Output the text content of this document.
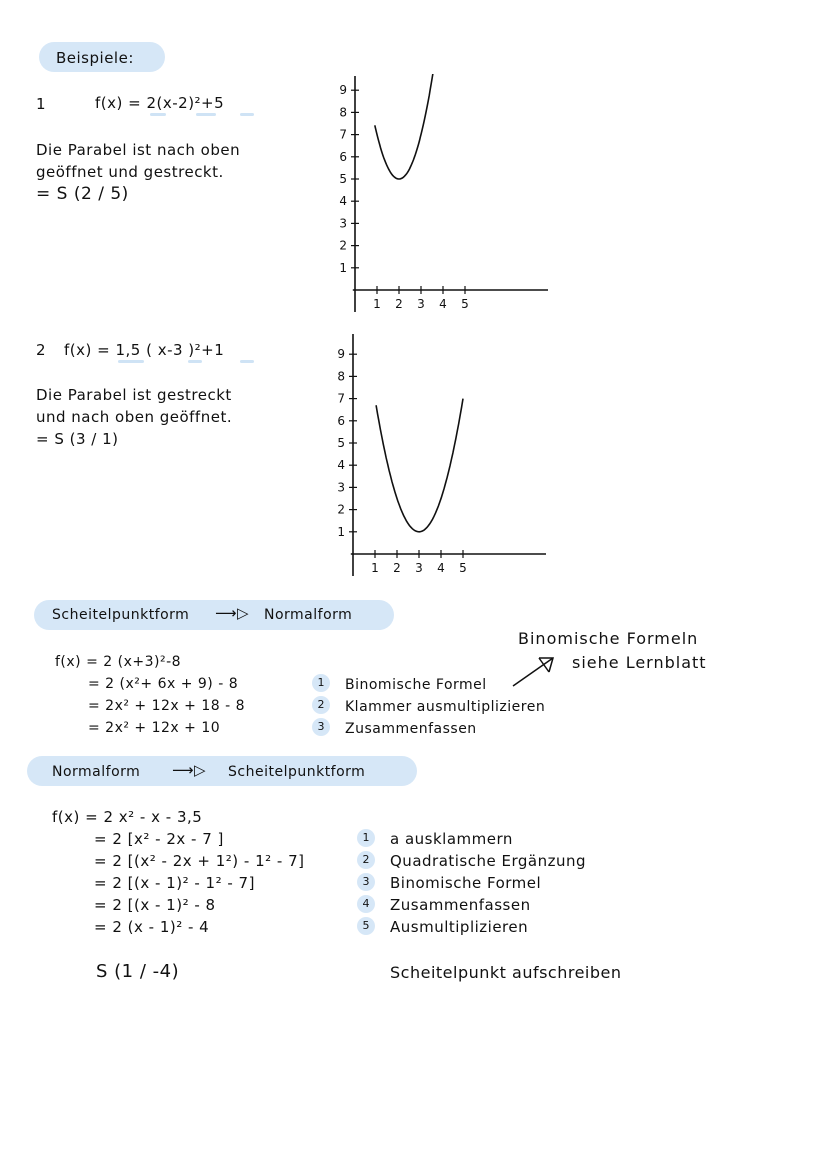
Beispiele:
1	f(x) = 2(x-2)²+5
Die Parabel ist nach oben
geöffnet und gestreckt.
= S (2 / 5)
1 2 3 4 5
1
2
3
4
5
6
7
8
9
2 f(x) = 1,5 ( x-3 )²+1
Die Parabel ist gestreckt
und nach oben geöffnet.
= S (3 / 1)
1 2 3 4 5
1
2
3
4
5
6
7
8
9
Scheitelpunktform ⟶▷ Normalform
f(x) = 2 (x+3)²-8
= 2 (x²+ 6x + 9) - 8
= 2x² + 12x + 18 - 8
= 2x² + 12x + 10
1	Binomische Formel
2	Klammer ausmultiplizieren
3	Zusammenfassen
Binomische Formeln
siehe Lernblatt
Normalform ⟶▷ Scheitelpunktform
f(x) = 2 x² - x - 3,5
= 2 [x² - 2x - 7 ]
= 2 [(x² - 2x + 1²) - 1² - 7]
= 2 [(x - 1)² - 1² - 7]
= 2 [(x - 1)² - 8
= 2 (x - 1)² - 4
1	a ausklammern
2	Quadratische Ergänzung
3	Binomische Formel
4	Zusammenfassen
5	Ausmultiplizieren
S (1 / -4)	Scheitelpunkt aufschreiben
